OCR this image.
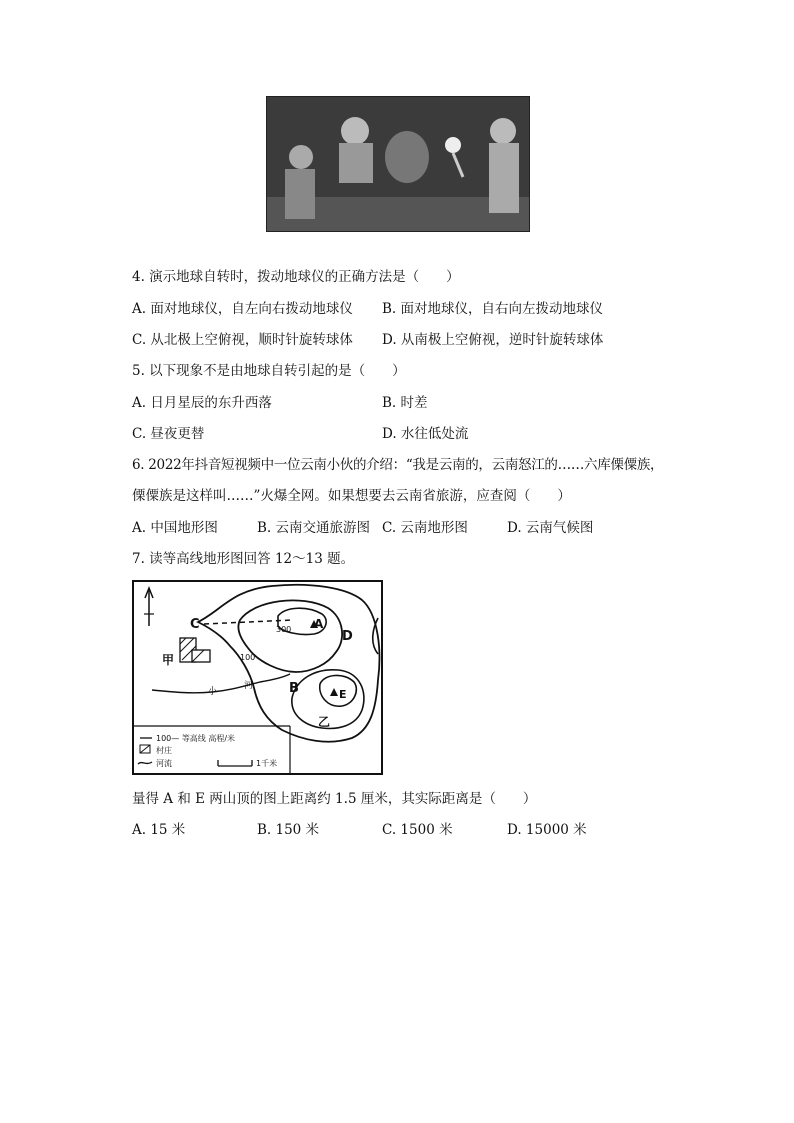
4. 演示地球自转时，拨动地球仪的正确方法是（　　）
A. 面对地球仪，自左向右拨动地球仪 B. 面对地球仪，自右向左拨动地球仪
C. 从北极上空俯视，顺时针旋转球体 D. 从南极上空俯视，逆时针旋转球体
5. 以下现象不是由地球自转引起的是（　　）
A. 日月星辰的东升西落	B. 时差
C. 昼夜更替	D. 水往低处流
6. 2022年抖音短视频中一位云南小伙的介绍：“我是云南的，云南怒江的……六库傈僳族，
傈僳族是这样叫……”火爆全网。如果想要去云南省旅游，应查阅（　　）
A. 中国地形图	B. 云南交通旅游图 C. 云南地形图	D. 云南气候图
7. 读等高线地形图回答 12～13 题。
C	A
D
B	E
甲
乙
300
100
小
河
100— 等高线 高程/米
村庄
河流	1千米
量得 A 和 E 两山顶的图上距离约 1.5 厘米，其实际距离是（　　）
A. 15 米	B. 150 米	C. 1500 米	D. 15000 米
